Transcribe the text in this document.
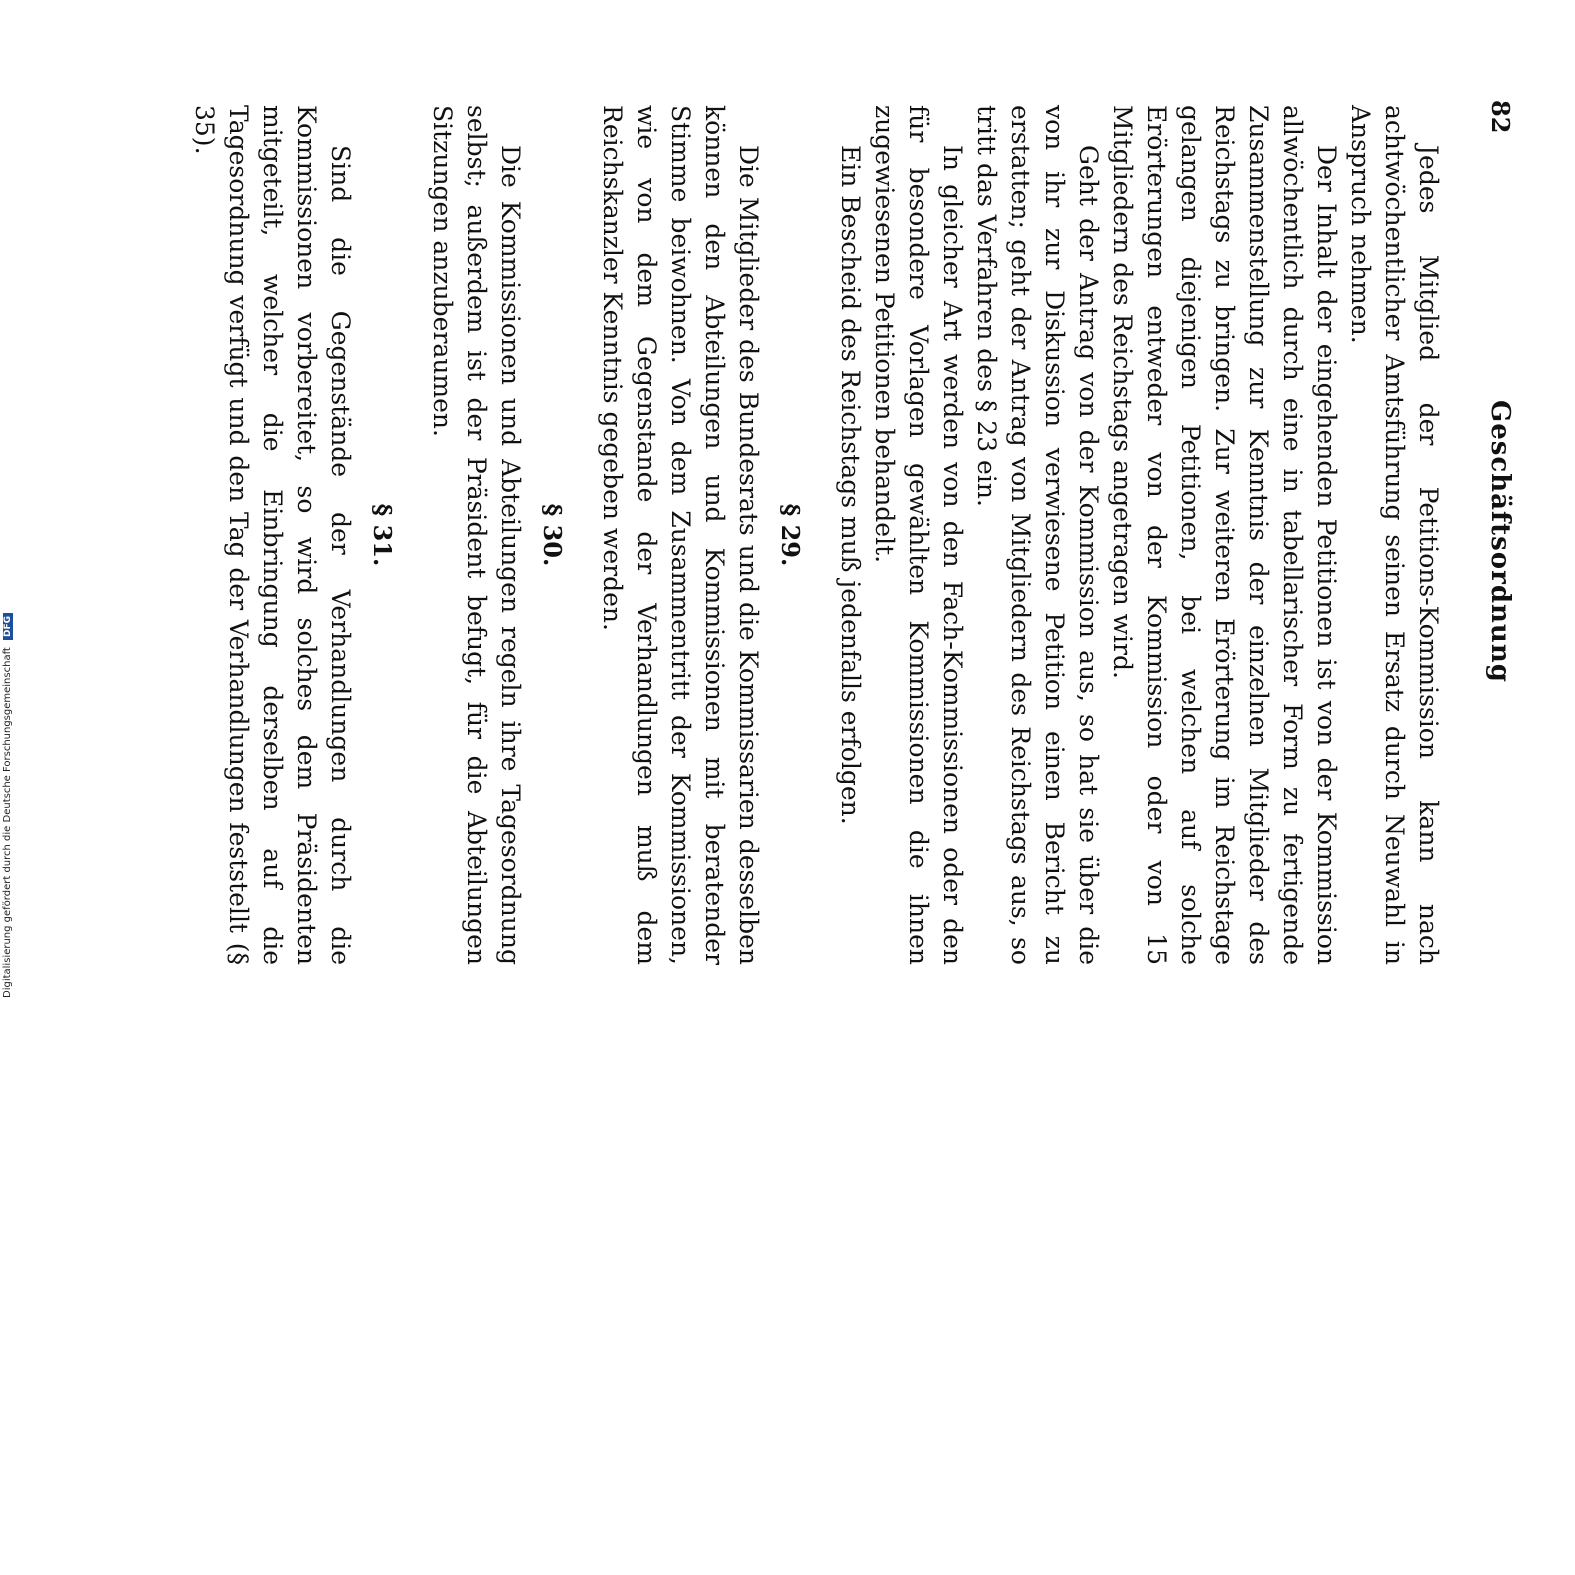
82
Geschäftsordnung

Jedes Mitglied der Petitions-Kommission kann nach achtwöchentlicher Amtsführung seinen Ersatz durch Neuwahl in Anspruch nehmen.

Der Inhalt der eingehenden Petitionen ist von der Kommission allwöchentlich durch eine in tabellarischer Form zu fertigende Zusammenstellung zur Kenntnis der einzelnen Mitglieder des Reichstags zu bringen. Zur weiteren Erörterung im Reichstage gelangen diejenigen Petitionen, bei welchen auf solche Erörterungen entweder von der Kommission oder von 15 Mitgliedern des Reichstags angetragen wird.

Geht der Antrag von der Kommission aus, so hat sie über die von ihr zur Diskussion verwiesene Petition einen Bericht zu erstatten; geht der Antrag von Mitgliedern des Reichstags aus, so tritt das Verfahren des § 23 ein.

In gleicher Art werden von den Fach-Kommissionen oder den für besondere Vorlagen gewählten Kommissionen die ihnen zugewiesenen Petitionen behandelt.

Ein Bescheid des Reichstags muß jedenfalls erfolgen.

§ 29.

Die Mitglieder des Bundesrats und die Kommissarien desselben können den Abteilungen und Kommissionen mit beratender Stimme beiwohnen. Von dem Zusammentritt der Kommissionen, wie von dem Gegenstande der Verhandlungen muß dem Reichskanzler Kenntnis gegeben werden.

§ 30.

Die Kommissionen und Abteilungen regeln ihre Tagesordnung selbst; außerdem ist der Präsident befugt, für die Abteilungen Sitzungen anzuberaumen.

§ 31.

Sind die Gegenstände der Verhandlungen durch die Kommissionen vorbereitet, so wird solches dem Präsidenten mitgeteilt, welcher die Einbringung derselben auf die Tagesordnung verfügt und den Tag der Verhandlungen feststellt (§ 35).

Digitalisierung gefördert durch die Deutsche Forschungsgemeinschaft DFG
